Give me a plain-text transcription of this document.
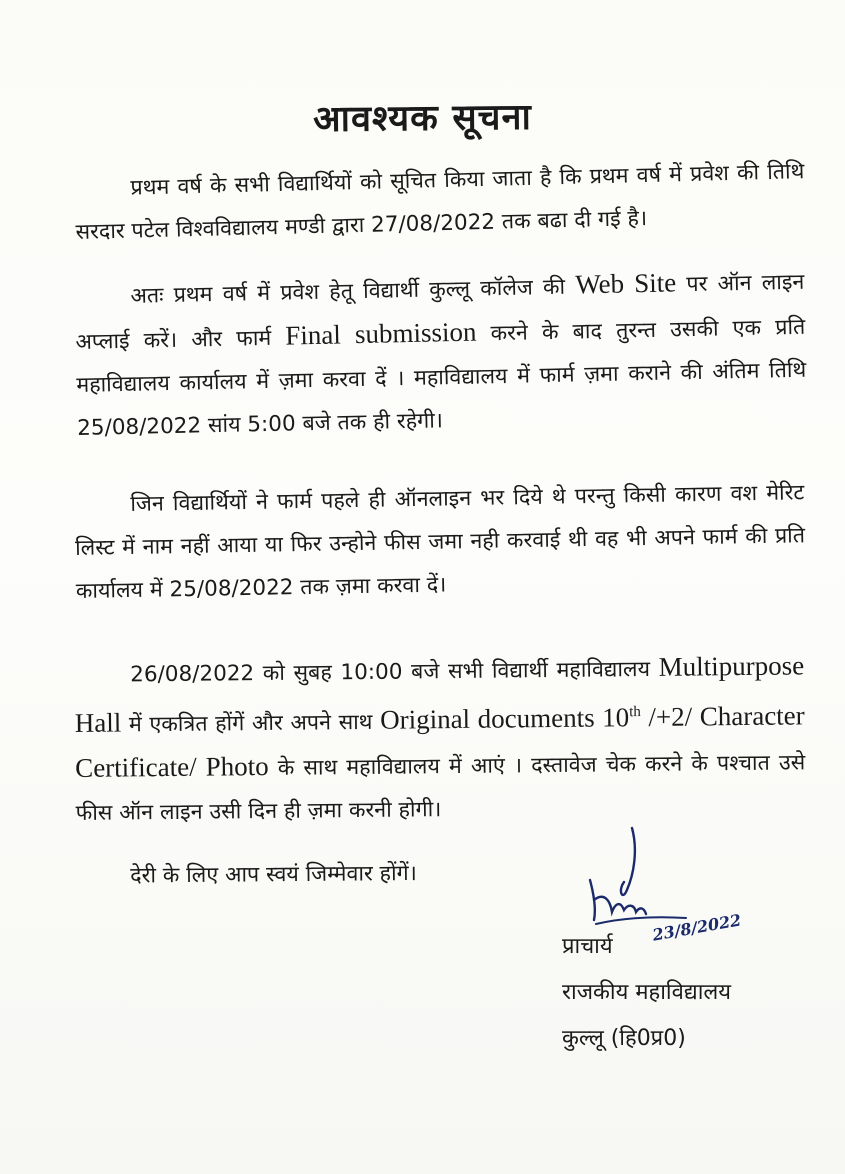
आवश्यक सूचना

प्रथम वर्ष के सभी विद्यार्थियों को सूचित किया जाता है कि प्रथम वर्ष में प्रवेश की तिथि सरदार पटेल विश्वविद्यालय मण्डी द्वारा 27/08/2022 तक बढा दी गई है।

अतः प्रथम वर्ष में प्रवेश हेतू विद्यार्थी कुल्लू कॉलेज की Web Site पर ऑन लाइन अप्लाई करें। और फार्म Final submission करने के बाद तुरन्त उसकी एक प्रति महाविद्यालय कार्यालय में ज़मा करवा दें । महाविद्यालय में फार्म ज़मा कराने की अंतिम तिथि 25/08/2022 सांय 5:00 बजे तक ही रहेगी।

जिन विद्यार्थियों ने फार्म पहले ही ऑनलाइन भर दिये थे परन्तु किसी कारण वश मेरिट लिस्ट में नाम नहीं आया या फिर उन्होने फीस जमा नही करवाई थी वह भी अपने फार्म की प्रति कार्यालय में 25/08/2022 तक ज़मा करवा दें।

26/08/2022 को सुबह 10:00 बजे सभी विद्यार्थी महाविद्यालय Multipurpose Hall में एकत्रित होंगें और अपने साथ Original documents 10th /+2/ Character Certificate/ Photo के साथ महाविद्यालय में आएं । दस्तावेज चेक करने के पश्चात उसे फीस ऑन लाइन उसी दिन ही ज़मा करनी होगी।

देरी के लिए आप स्वयं जिम्मेवार होंगें।

23/8/2022
प्राचार्य
राजकीय महाविद्यालय
कुल्लू (हि0प्र0)
